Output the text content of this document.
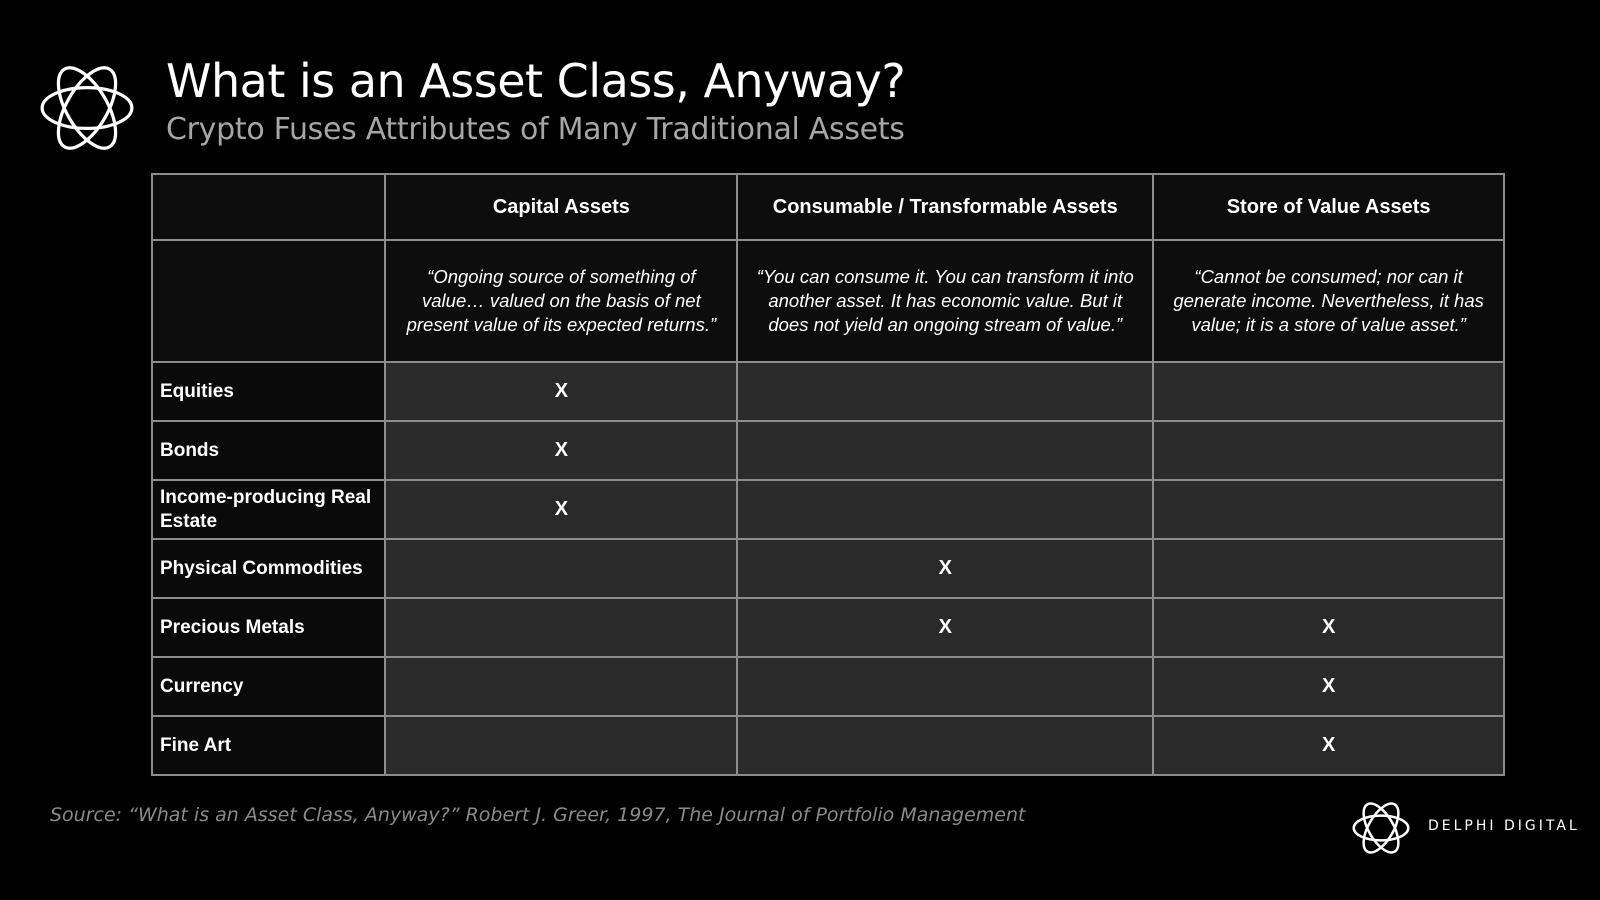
What is an Asset Class, Anyway?
Crypto Fuses Attributes of Many Traditional Assets
	Capital Assets	Consumable / Transformable Assets	Store of Value Assets
	“Ongoing source of something of value… valued on the basis of net present value of its expected returns.”	“You can consume it. You can transform it into another asset. It has economic value. But it does not yield an ongoing stream of value.”	“Cannot be consumed; nor can it generate income. Nevertheless, it has value; it is a store of value asset.”
Equities	X		
Bonds	X		
Income-producing Real Estate	X		
Physical Commodities		X	
Precious Metals		X	X
Currency			X
Fine Art			X
Source: “What is an Asset Class, Anyway?” Robert J. Greer, 1997, The Journal of Portfolio Management	DELPHI DIGITAL
